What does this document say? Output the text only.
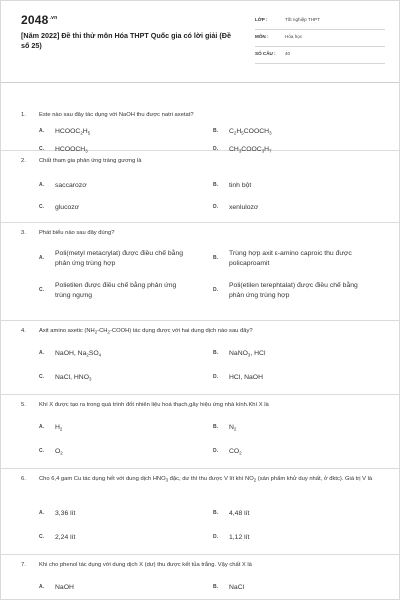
$2048^{.vn}$
[Năm 2022] Đề thi thử môn Hóa THPT Quốc gia có lời giải (Đề số 25)
LỚP :	Tốt nghiệp THPT
MÔN :	Hóa học
SỐ CÂU : 40
1. Este nào sau đây tác dụng với NaOH thu được natri axetat?
A. $HCOOC_2H_5$	B. $C_2H_5COOCH_3$
C. $HCOOCH_3$	D. $CH_3COOC_3H_7$
2. Chất tham gia phản ứng tráng gương là
A. saccarozơ	B. tinh bột
C. glucozơ	D. xenlulozơ
3. Phát biểu nào sau đây đúng?
A.
Poli(metyl metacrylat) được điều chế bằng phản ứng trùng hợp
B.
Trùng hợp axit ε-amino caproic thu được policaproamit
C.
Polietilen được điều chế bằng phản ứng trùng ngưng
D.
Poli(etilen terephtalat) được điều chế bằng phản ứng trùng hợp
4. Axit amino axetic $(NH_2-CH_2-COOH)$ tác dụng được với hai dung dịch nào sau đây?
A. NaOH, $Na_2SO_4$	B. NaNO$_3$, HCl
C. NaCl, $HNO_3$	D. HCl, NaOH
5. Khí X được tạo ra trong quá trình đốt nhiên liệu hoá thạch,gây hiệu ứng nhà kính.Khí X là
A. $H_2$	B. $N_2$
C. $O_2$	D. $CO_2$
6. Cho 6,4 gam Cu tác dụng hết với dung dịch $HNO_3$ đặc, dư thì thu được V lít khí $NO_2$ (sản phẩm khử duy nhất, ở đktc). Giá trị V là
A. 3,36 lít	B. 4,48 lít
C. 2,24 lít	D. 1,12 lít
7. Khi cho phenol tác dụng với dung dịch X (dư) thu được kết tủa trắng. Vậy chất X là
A. NaOH	B. NaCl
